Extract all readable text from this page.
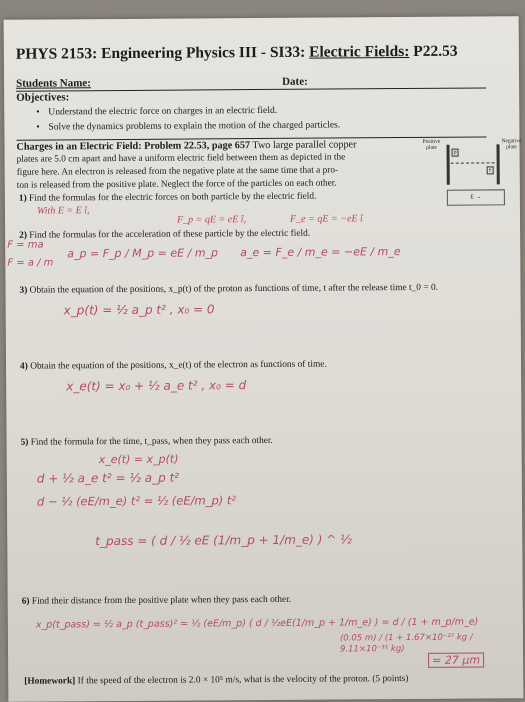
PHYS 2153: Engineering Physics III - SI33: Electric Fields: P22.53
Students Name:	Date:
Objectives:
• Understand the electric force on charges in an electric field.
• Solve the dynamics problems to explain the motion of the charged particles.
Charges in an Electric Field: Problem 22.53, page 657 Two large parallel copper
plates are 5.0 cm apart and have a uniform electric field between them as depicted in the
figure here. An electron is released from the negative plate at the same time that a pro-
ton is released from the positive plate. Neglect the force of the particles on each other.
Positive plate
Negative plate
p
e
E →
1) Find the formulas for the electric forces on both particle by the electric field.
With E = E î,
F_p = qE = eE î,	F_e = qE = −eE î
2) Find the formulas for the acceleration of these particle by the electric field.
F = ma
F = a / m
a_p = F_p / M_p = eE / m_p a_e = F_e / m_e = −eE / m_e
3) Obtain the equation of the positions, x_p(t) of the proton as functions of time, t after the release time t_0 = 0.
x_p(t) = ½ a_p t² , x₀ = 0
4) Obtain the equation of the positions, x_e(t) of the electron as functions of time.
x_e(t) = x₀ + ½ a_e t² , x₀ = d
5) Find the formula for the time, t_pass, when they pass each other.
x_e(t) = x_p(t)
d + ½ a_e t² = ½ a_p t²
d − ½ (eE/m_e) t² = ½ (eE/m_p) t²
t_pass = ( d / ½ eE (1/m_p + 1/m_e) ) ^ ½
6) Find their distance from the positive plate when they pass each other.
x_p(t_pass) = ½ a_p (t_pass)² = ½ (eE/m_p) ( d / ½eE(1/m_p + 1/m_e) ) = d / (1 + m_p/m_e)
(0.05 m) / (1 + 1.67×10⁻²⁷ kg / 9.11×10⁻³¹ kg)
= 27 μm
[Homework] If the speed of the electron is 2.0 × 10⁵ m/s, what is the velocity of the proton. (5 points)
